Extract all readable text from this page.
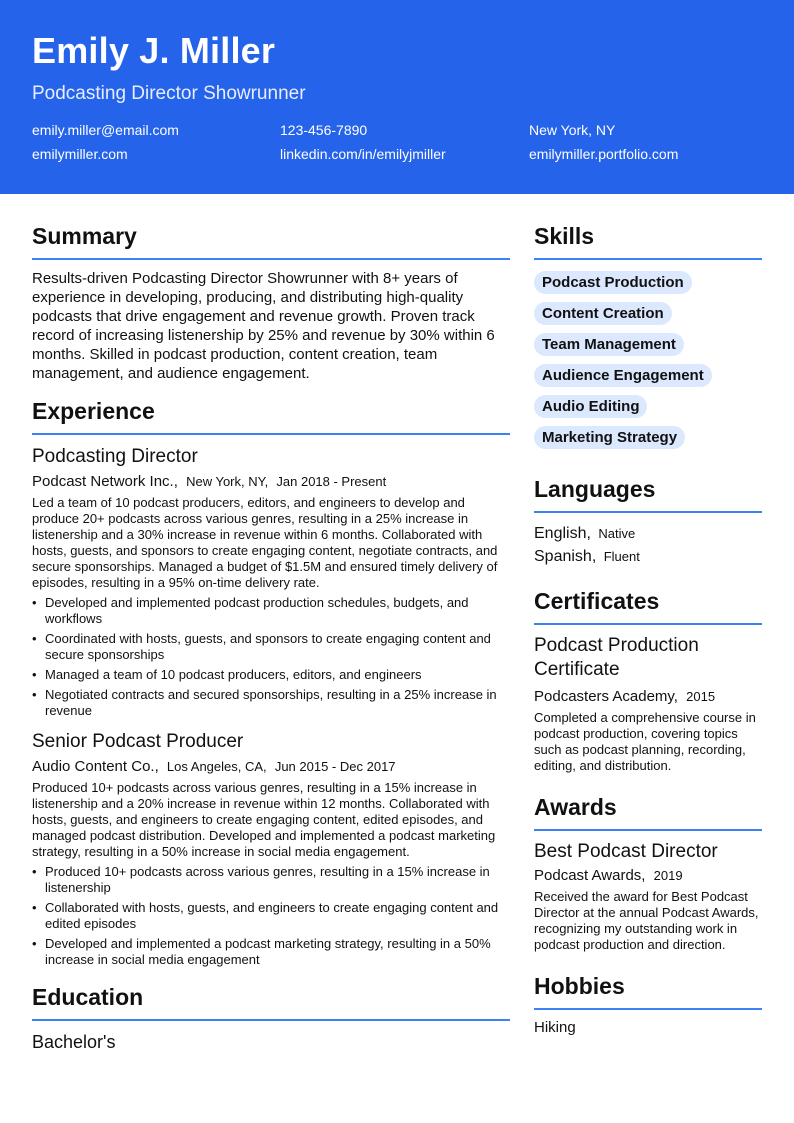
Emily J. Miller
Podcasting Director Showrunner
emily.miller@email.com	123-456-7890	New York, NY
emilymiller.com	linkedin.com/in/emilyjmiller	emilymiller.portfolio.com
Summary
Results-driven Podcasting Director Showrunner with 8+ years of experience in developing, producing, and distributing high-quality podcasts that drive engagement and revenue growth. Proven track record of increasing listenership by 25% and revenue by 30% within 6 months. Skilled in podcast production, content creation, team management, and audience engagement.
Experience
Podcasting Director
Podcast Network Inc., New York, NY, Jan 2018 - Present
Led a team of 10 podcast producers, editors, and engineers to develop and produce 20+ podcasts across various genres, resulting in a 25% increase in listenership and a 30% increase in revenue within 6 months. Collaborated with hosts, guests, and sponsors to create engaging content, negotiate contracts, and secure sponsorships. Managed a budget of $1.5M and ensured timely delivery of episodes, resulting in a 95% on-time delivery rate.
• Developed and implemented podcast production schedules, budgets, and workflows
• Coordinated with hosts, guests, and sponsors to create engaging content and secure sponsorships
• Managed a team of 10 podcast producers, editors, and engineers
• Negotiated contracts and secured sponsorships, resulting in a 25% increase in revenue
Senior Podcast Producer
Audio Content Co., Los Angeles, CA, Jun 2015 - Dec 2017
Produced 10+ podcasts across various genres, resulting in a 15% increase in listenership and a 20% increase in revenue within 12 months. Collaborated with hosts, guests, and engineers to create engaging content, edited episodes, and managed podcast distribution. Developed and implemented a podcast marketing strategy, resulting in a 50% increase in social media engagement.
• Produced 10+ podcasts across various genres, resulting in a 15% increase in listenership
• Collaborated with hosts, guests, and engineers to create engaging content and edited episodes
• Developed and implemented a podcast marketing strategy, resulting in a 50% increase in social media engagement
Education
Bachelor's
Skills
Podcast Production
Content Creation
Team Management
Audience Engagement
Audio Editing
Marketing Strategy
Languages
English, Native
Spanish, Fluent
Certificates
Podcast Production Certificate
Podcasters Academy, 2015
Completed a comprehensive course in podcast production, covering topics such as podcast planning, recording, editing, and distribution.
Awards
Best Podcast Director
Podcast Awards, 2019
Received the award for Best Podcast Director at the annual Podcast Awards, recognizing my outstanding work in podcast production and direction.
Hobbies
Hiking
